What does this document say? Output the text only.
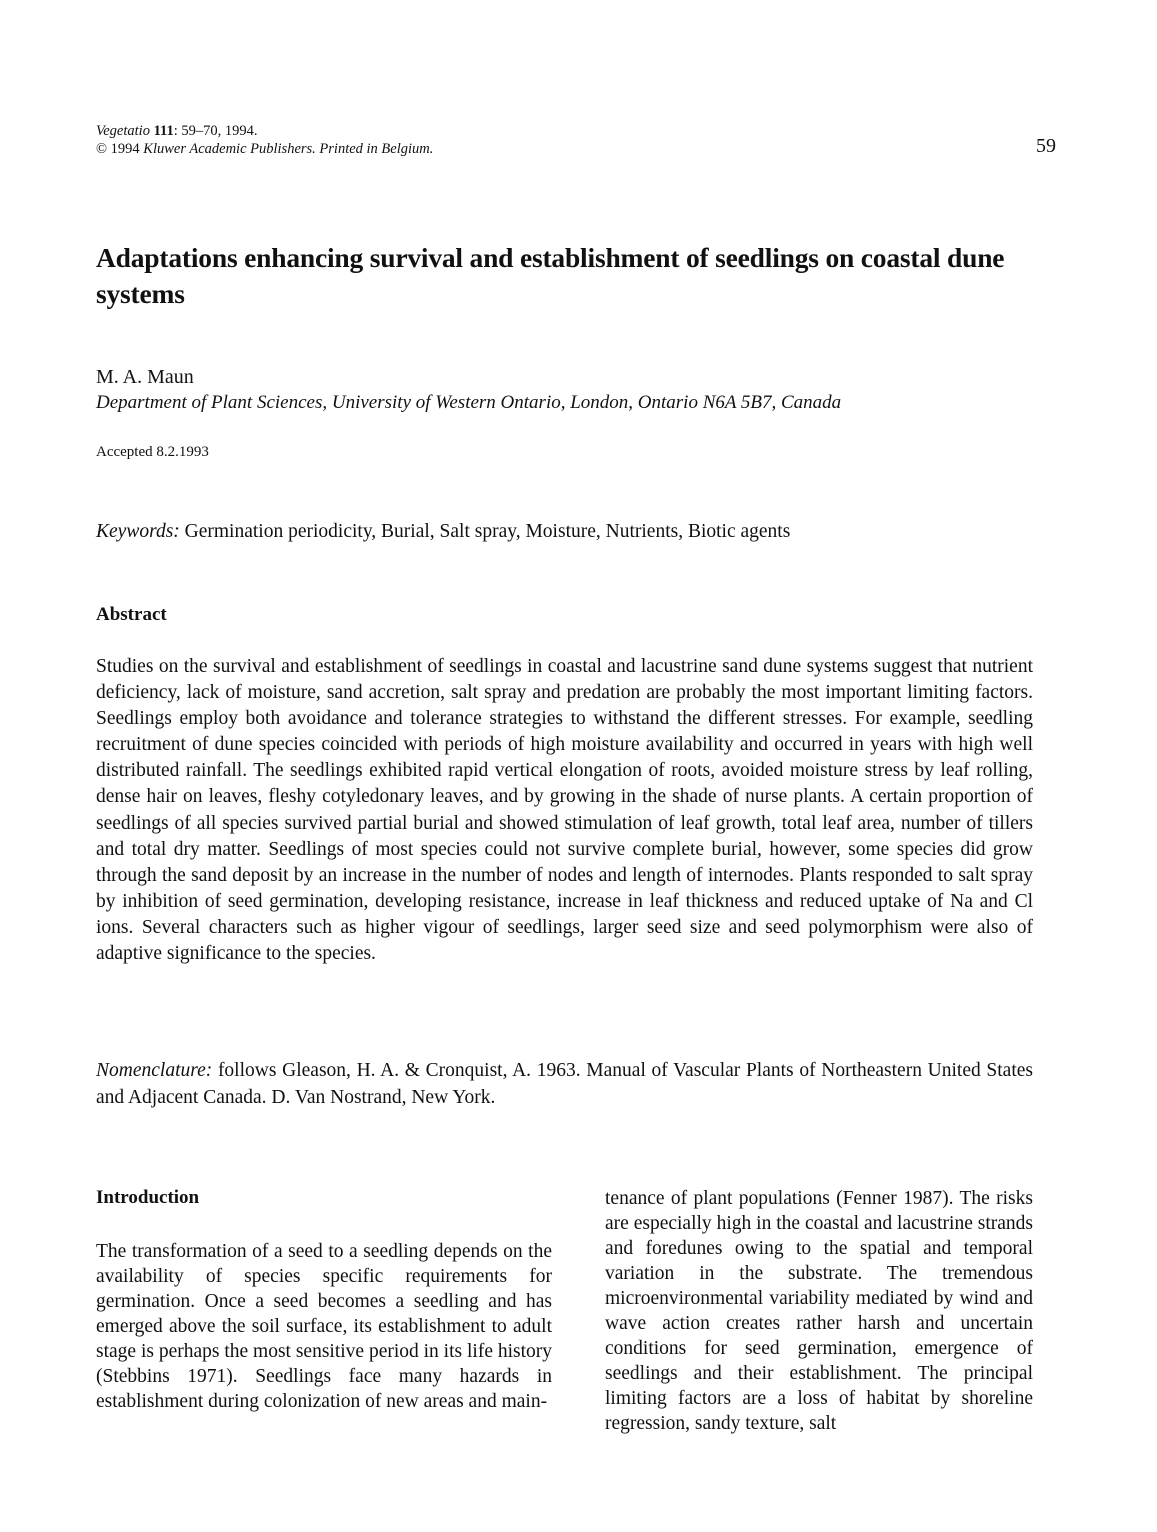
Vegetatio 111: 59–70, 1994.
© 1994 Kluwer Academic Publishers. Printed in Belgium.	59
Adaptations enhancing survival and establishment of seedlings on coastal dune systems
M. A. Maun
Department of Plant Sciences, University of Western Ontario, London, Ontario N6A 5B7, Canada
Accepted 8.2.1993
Keywords: Germination periodicity, Burial, Salt spray, Moisture, Nutrients, Biotic agents
Abstract
Studies on the survival and establishment of seedlings in coastal and lacustrine sand dune systems suggest that nutrient deficiency, lack of moisture, sand accretion, salt spray and predation are probably the most important limiting factors. Seedlings employ both avoidance and tolerance strategies to withstand the different stresses. For example, seedling recruitment of dune species coincided with periods of high moisture availability and occurred in years with high well distributed rainfall. The seedlings exhibited rapid vertical elongation of roots, avoided moisture stress by leaf rolling, dense hair on leaves, fleshy cotyledonary leaves, and by growing in the shade of nurse plants. A certain proportion of seedlings of all species survived partial burial and showed stimulation of leaf growth, total leaf area, number of tillers and total dry matter. Seedlings of most species could not survive complete burial, however, some species did grow through the sand deposit by an increase in the number of nodes and length of internodes. Plants responded to salt spray by inhibition of seed germination, developing resistance, increase in leaf thickness and reduced uptake of Na and Cl ions. Several characters such as higher vigour of seedlings, larger seed size and seed polymorphism were also of adaptive significance to the species.
Nomenclature: follows Gleason, H. A. & Cronquist, A. 1963. Manual of Vascular Plants of Northeastern United States and Adjacent Canada. D. Van Nostrand, New York.
Introduction
The transformation of a seed to a seedling depends on the availability of species specific requirements for germination. Once a seed becomes a seedling and has emerged above the soil surface, its establishment to adult stage is perhaps the most sensitive period in its life history (Stebbins 1971). Seedlings face many hazards in establishment during colonization of new areas and main-
tenance of plant populations (Fenner 1987). The risks are especially high in the coastal and lacustrine strands and foredunes owing to the spatial and temporal variation in the substrate. The tremendous microenvironmental variability mediated by wind and wave action creates rather harsh and uncertain conditions for seed germination, emergence of seedlings and their establishment. The principal limiting factors are a loss of habitat by shoreline regression, sandy texture, salt
